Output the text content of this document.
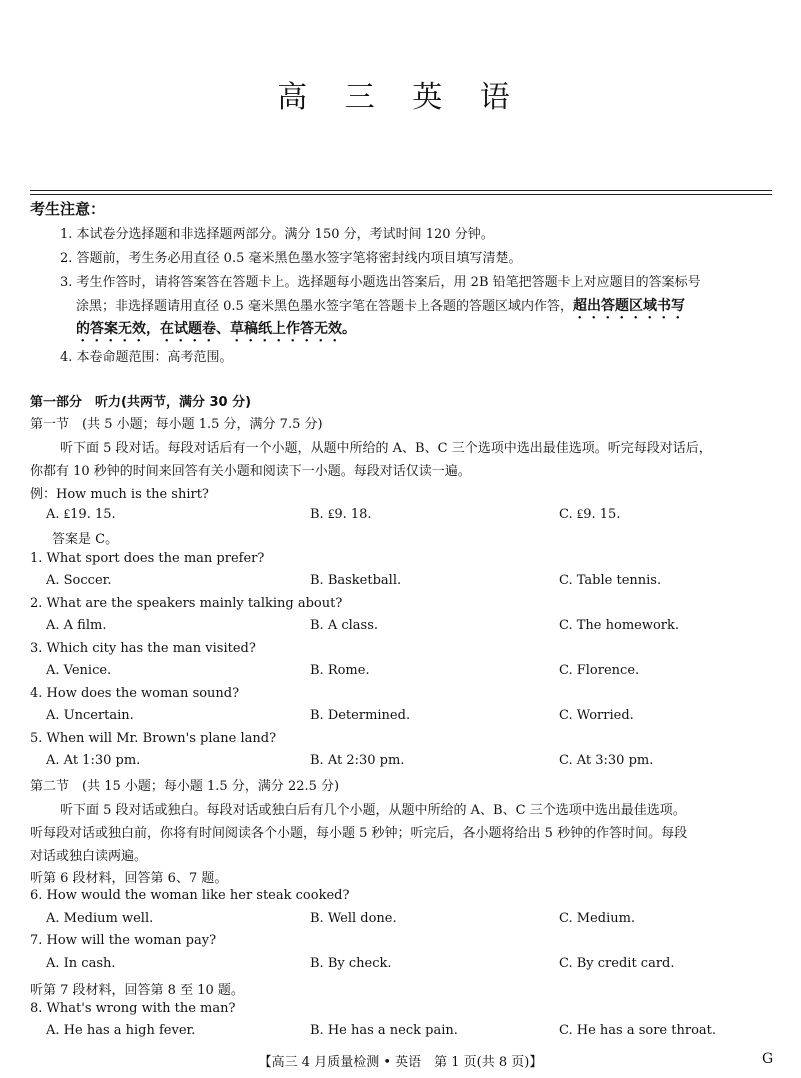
高 三 英 语
考生注意：
1. 本试卷分选择题和非选择题两部分。满分 150 分，考试时间 120 分钟。
2. 答题前，考生务必用直径 0.5 毫米黑色墨水签字笔将密封线内项目填写清楚。
3. 考生作答时，请将答案答在答题卡上。选择题每小题选出答案后，用 2B 铅笔把答题卡上对应题目的答案标号
涂黑；非选择题请用直径 0.5 毫米黑色墨水签字笔在答题卡上各题的答题区域内作答，超出答题区域书写
的答案无效，在试题卷、草稿纸上作答无效。
4. 本卷命题范围：高考范围。
第一部分　听力(共两节，满分 30 分)
第一节　(共 5 小题；每小题 1.5 分，满分 7.5 分)
听下面 5 段对话。每段对话后有一个小题，从题中所给的 A、B、C 三个选项中选出最佳选项。听完每段对话后，
你都有 10 秒钟的时间来回答有关小题和阅读下一小题。每段对话仅读一遍。
例：How much is the shirt?
A. ₤19. 15.	B. ₤9. 18.	C. ₤9. 15.
答案是 C。
1. What sport does the man prefer?
A. Soccer.	B. Basketball.	C. Table tennis.
2. What are the speakers mainly talking about?
A. A film.	B. A class.	C. The homework.
3. Which city has the man visited?
A. Venice.	B. Rome.	C. Florence.
4. How does the woman sound?
A. Uncertain.	B. Determined.	C. Worried.
5. When will Mr. Brown's plane land?
A. At 1:30 pm.	B. At 2:30 pm.	C. At 3:30 pm.
第二节　(共 15 小题；每小题 1.5 分，满分 22.5 分)
听下面 5 段对话或独白。每段对话或独白后有几个小题，从题中所给的 A、B、C 三个选项中选出最佳选项。
听每段对话或独白前，你将有时间阅读各个小题，每小题 5 秒钟；听完后，各小题将给出 5 秒钟的作答时间。每段
对话或独白读两遍。
听第 6 段材料，回答第 6、7 题。
6. How would the woman like her steak cooked?
A. Medium well.	B. Well done.	C. Medium.
7. How will the woman pay?
A. In cash.	B. By check.	C. By credit card.
听第 7 段材料，回答第 8 至 10 题。
8. What's wrong with the man?
A. He has a high fever.	B. He has a neck pain.	C. He has a sore throat.
【高三 4 月质量检测 • 英语　第 1 页(共 8 页)】	G
